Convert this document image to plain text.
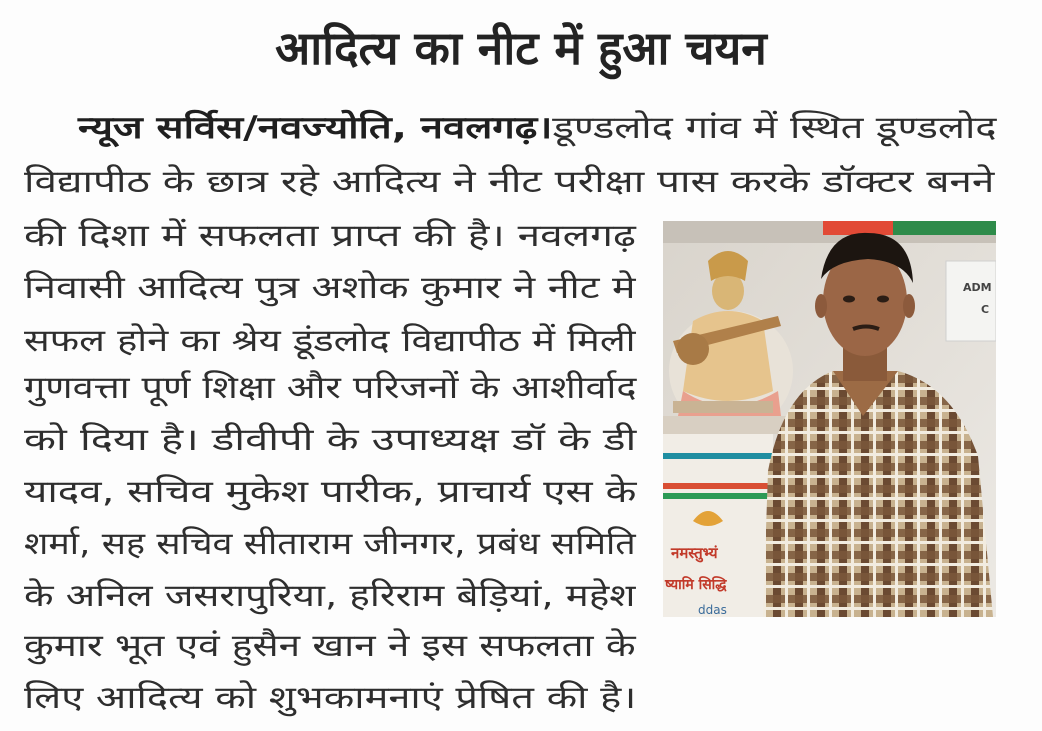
आदित्य का नीट में हुआ चयन
न्यूज सर्विस/नवज्योति, नवलगढ़।डूण्डलोद गांव में स्थित डूण्डलोद
विद्यापीठ के छात्र रहे आदित्य ने नीट परीक्षा पास करके डॉक्टर बनने
की दिशा में सफलता प्राप्त की है। नवलगढ़
निवासी आदित्य पुत्र अशोक कुमार ने नीट मे
सफल होने का श्रेय डूंडलोद विद्यापीठ में मिली
गुणवत्ता पूर्ण शिक्षा और परिजनों के आशीर्वाद
को दिया है। डीवीपी के उपाध्यक्ष डॉ के डी
यादव, सचिव मुकेश पारीक, प्राचार्य एस के
शर्मा, सह सचिव सीताराम जीनगर, प्रबंध समिति
के अनिल जसरापुरिया, हरिराम बेड़ियां, महेश
कुमार भूत एवं हुसैन खान ने इस सफलता के
लिए आदित्य को शुभकामनाएं प्रेषित की है।
ADM
C
नमस्तुभ्यं
ष्यामि सिद्धि
ddas
